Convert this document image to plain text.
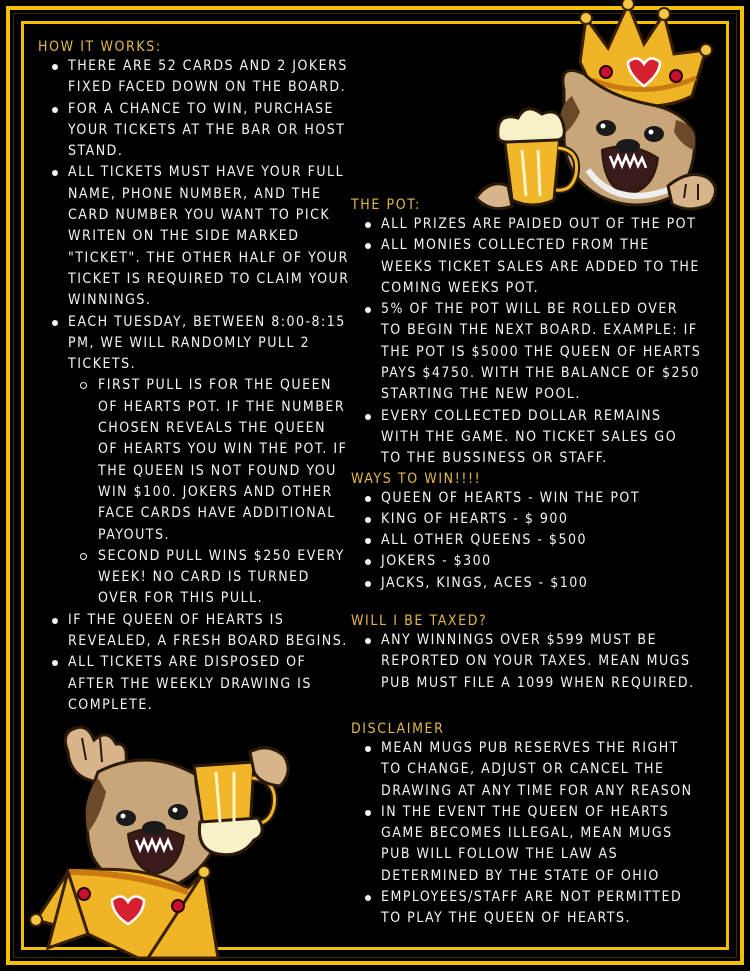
HOW IT WORKS:
THERE ARE 52 CARDS AND 2 JOKERS FIXED FACED DOWN ON THE BOARD.
FOR A CHANCE TO WIN, PURCHASE YOUR TICKETS AT THE BAR OR HOST STAND.
ALL TICKETS MUST HAVE YOUR FULL NAME, PHONE NUMBER, AND THE CARD NUMBER YOU WANT TO PICK WRITEN ON THE SIDE MARKED "TICKET". THE OTHER HALF OF YOUR TICKET IS REQUIRED TO CLAIM YOUR WINNINGS.
EACH TUESDAY, BETWEEN 8:00-8:15 PM, WE WILL RANDOMLY PULL 2 TICKETS.
FIRST PULL IS FOR THE QUEEN OF HEARTS POT. IF THE NUMBER CHOSEN REVEALS THE QUEEN OF HEARTS YOU WIN THE POT. IF THE QUEEN IS NOT FOUND YOU WIN $100. JOKERS AND OTHER FACE CARDS HAVE ADDITIONAL PAYOUTS.
SECOND PULL WINS $250 EVERY WEEK! NO CARD IS TURNED OVER FOR THIS PULL.
IF THE QUEEN OF HEARTS IS REVEALED, A FRESH BOARD BEGINS.
ALL TICKETS ARE DISPOSED OF AFTER THE WEEKLY DRAWING IS COMPLETE.
THE POT:
ALL PRIZES ARE PAIDED OUT OF THE POT
ALL MONIES COLLECTED FROM THE WEEKS TICKET SALES ARE ADDED TO THE COMING WEEKS POT.
5% OF THE POT WILL BE ROLLED OVER TO BEGIN THE NEXT BOARD. EXAMPLE: IF THE POT IS $5000 THE QUEEN OF HEARTS PAYS $4750. WITH THE BALANCE OF $250 STARTING THE NEW POOL.
EVERY COLLECTED DOLLAR REMAINS WITH THE GAME. NO TICKET SALES GO TO THE BUSSINESS OR STAFF.
WAYS TO WIN!!!!
QUEEN OF HEARTS - WIN THE POT
KING OF HEARTS - $ 900
ALL OTHER QUEENS - $500
JOKERS - $300
JACKS, KINGS, ACES - $100
WILL I BE TAXED?
ANY WINNINGS OVER $599 MUST BE REPORTED ON YOUR TAXES. MEAN MUGS PUB MUST FILE A 1099 WHEN REQUIRED.
DISCLAIMER
MEAN MUGS PUB RESERVES THE RIGHT TO CHANGE, ADJUST OR CANCEL THE DRAWING AT ANY TIME FOR ANY REASON
IN THE EVENT THE QUEEN OF HEARTS GAME BECOMES ILLEGAL, MEAN MUGS PUB WILL FOLLOW THE LAW AS DETERMINED BY THE STATE OF OHIO
EMPLOYEES/STAFF ARE NOT PERMITTED TO PLAY THE QUEEN OF HEARTS.
